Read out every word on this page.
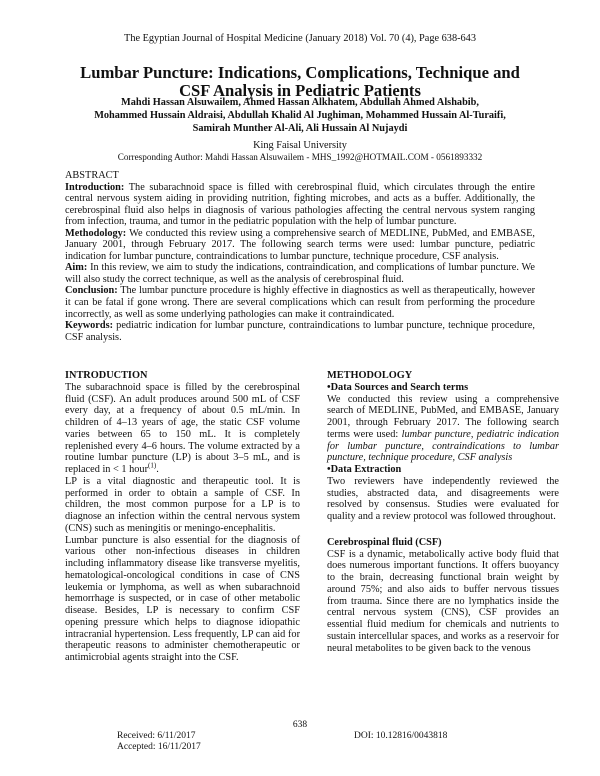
The Egyptian Journal of Hospital Medicine (January 2018) Vol. 70 (4), Page 638-643
Lumbar Puncture: Indications, Complications, Technique and
CSF Analysis in Pediatric Patients
Mahdi Hassan Alsuwailem, Ahmed Hassan Alkhatem, Abdullah Ahmed Alshabib,
Mohammed Hussain Aldraisi, Abdullah Khalid Al Jughiman, Mohammed Hussain Al-Turaifi,
Samirah Munther Al-Ali, Ali Hussain Al Nujaydi
King Faisal University
Corresponding Author: Mahdi Hassan Alsuwailem - MHS_1992@HOTMAIL.COM - 0561893332
ABSTRACT

Introduction: The subarachnoid space is filled with cerebrospinal fluid, which circulates through the entire central nervous system aiding in providing nutrition, fighting microbes, and acts as a buffer. Additionally, the cerebrospinal fluid also helps in diagnosis of various pathologies affecting the central nervous system ranging from infection, trauma, and tumor in the pediatric population with the help of lumbar puncture.

Methodology: We conducted this review using a comprehensive search of MEDLINE, PubMed, and EMBASE, January 2001, through February 2017. The following search terms were used: lumbar puncture, pediatric indication for lumbar puncture, contraindications to lumbar puncture, technique procedure, CSF analysis.

Aim: In this review, we aim to study the indications, contraindication, and complications of lumbar puncture. We will also study the correct technique, as well as the analysis of cerebrospinal fluid.

Conclusion: The lumbar puncture procedure is highly effective in diagnostics as well as therapeutically, however it can be fatal if gone wrong. There are several complications which can result from performing the procedure incorrectly, as well as some underlying pathologies can make it contraindicated.

Keywords: pediatric indication for lumbar puncture, contraindications to lumbar puncture, technique procedure, CSF analysis.

INTRODUCTION

The subarachnoid space is filled by the cerebrospinal fluid (CSF). An adult produces around 500 mL of CSF every day, at a frequency of about 0.5 mL/min. In children of 4–13 years of age, the static CSF volume varies between 65 to 150 mL. It is completely replenished every 4–6 hours. The volume extracted by a routine lumbar puncture (LP) is about 3–5 mL, and is replaced in < 1 hour$^{(1)}$.

LP is a vital diagnostic and therapeutic tool. It is performed in order to obtain a sample of CSF. In children, the most common purpose for a LP is to diagnose an infection within the central nervous system (CNS) such as meningitis or meningo-encephalitis.

Lumbar puncture is also essential for the diagnosis of various other non-infectious diseases in children including inflammatory disease like transverse myelitis, hematological-oncological conditions in case of CNS leukemia or lymphoma, as well as when subarachnoid hemorrhage is suspected, or in case of other metabolic disease. Besides, LP is necessary to confirm CSF opening pressure which helps to diagnose idiopathic intracranial hypertension. Less frequently, LP can aid for therapeutic reasons to administer chemotherapeutic or antimicrobial agents straight into the CSF.

METHODOLOGY
•Data Sources and Search terms

We conducted this review using a comprehensive search of MEDLINE, PubMed, and EMBASE, January 2001, through February 2017. The following search terms were used: lumbar puncture, pediatric indication for lumbar puncture, contraindications to lumbar puncture, technique procedure, CSF analysis

•Data Extraction

Two reviewers have independently reviewed the studies, abstracted data, and disagreements were resolved by consensus. Studies were evaluated for quality and a review protocol was followed throughout.

Cerebrospinal fluid (CSF)

CSF is a dynamic, metabolically active body fluid that does numerous important functions. It offers buoyancy to the brain, decreasing functional brain weight by around 75%; and also aids to buffer nervous tissues from trauma. Since there are no lymphatics inside the central nervous system (CNS), CSF provides an essential fluid medium for chemicals and nutrients to sustain intercellular spaces, and works as a reservoir for neural metabolites to be given back to the venous

638
Received: 6/11/2017
Accepted: 16/11/2017
DOI: 10.12816/0043818
